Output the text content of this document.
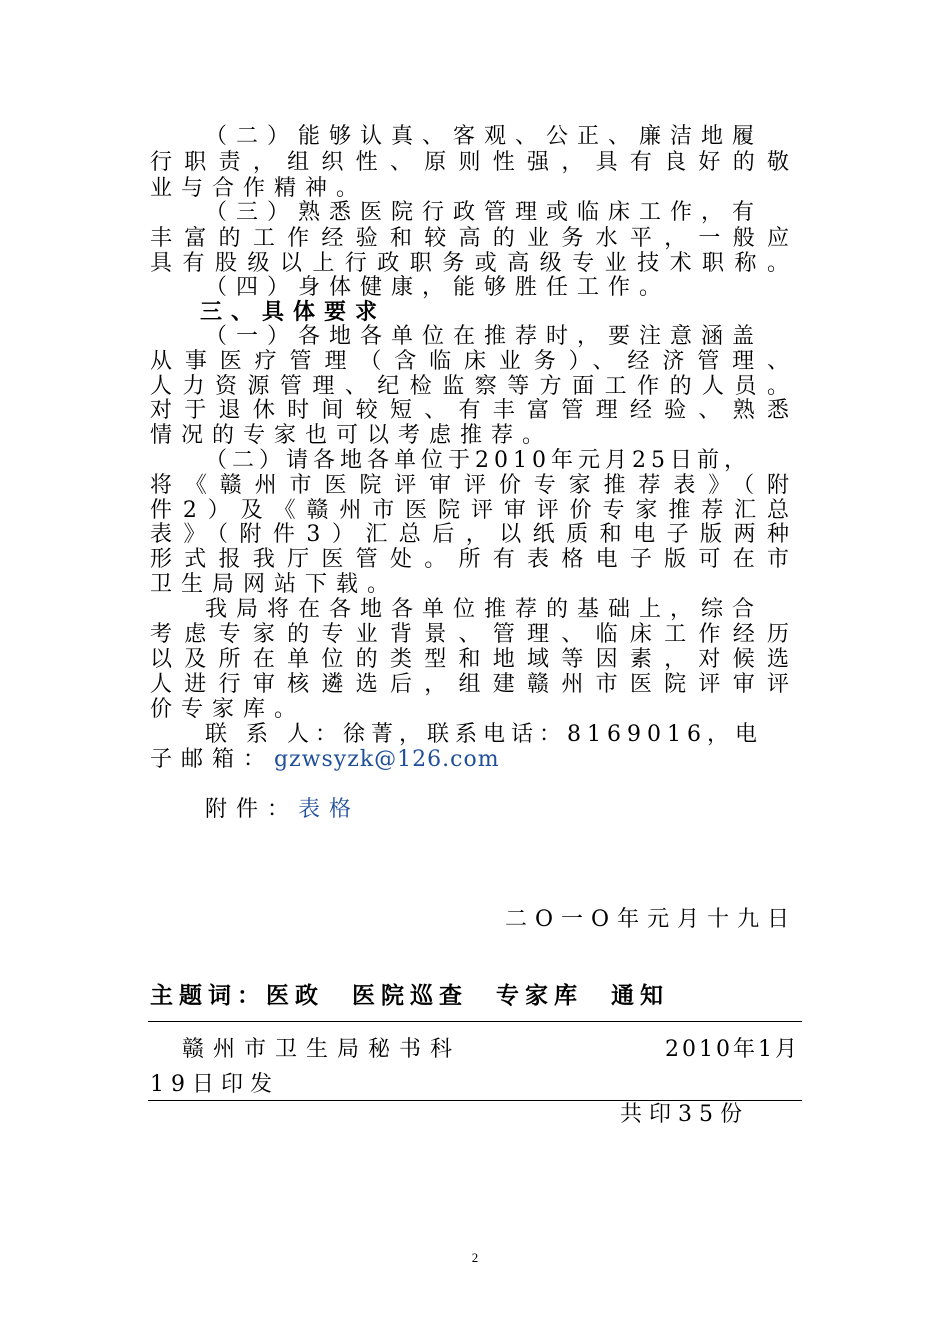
（二）能够认真、客观、公正、廉洁地履
行职责，组织性、原则性强，具有良好的敬
业与合作精神。
（三）熟悉医院行政管理或临床工作，有
丰富的工作经验和较高的业务水平，一般应
具有股级以上行政职务或高级专业技术职称。
（四）身体健康，能够胜任工作。
三、具体要求
（一）各地各单位在推荐时，要注意涵盖
从事医疗管理（含临床业务）、经济管理、
人力资源管理、纪检监察等方面工作的人员。
对于退休时间较短、有丰富管理经验、熟悉
情况的专家也可以考虑推荐。
（二）请各地各单位于2010年元月25日前，
将《赣州市医院评审评价专家推荐表》（附
件2）及《赣州市医院评审评价专家推荐汇总
表》（附件3）汇总后，以纸质和电子版两种
形式报我厅医管处。所有表格电子版可在市
卫生局网站下载。
我局将在各地各单位推荐的基础上，综合
考虑专家的专业背景、管理、临床工作经历
以及所在单位的类型和地域等因素，对候选
人进行审核遴选后，组建赣州市医院评审评
价专家库。
联 系 人：徐菁，联系电话：8169016，电
子邮箱：gzwsyzk@126.com
附件：表格
二O一O年元月十九日
主题词：医政  医院巡查  专家库  通知
赣州市卫生局秘书科	2010年1月
19日印发
共印35份
2
